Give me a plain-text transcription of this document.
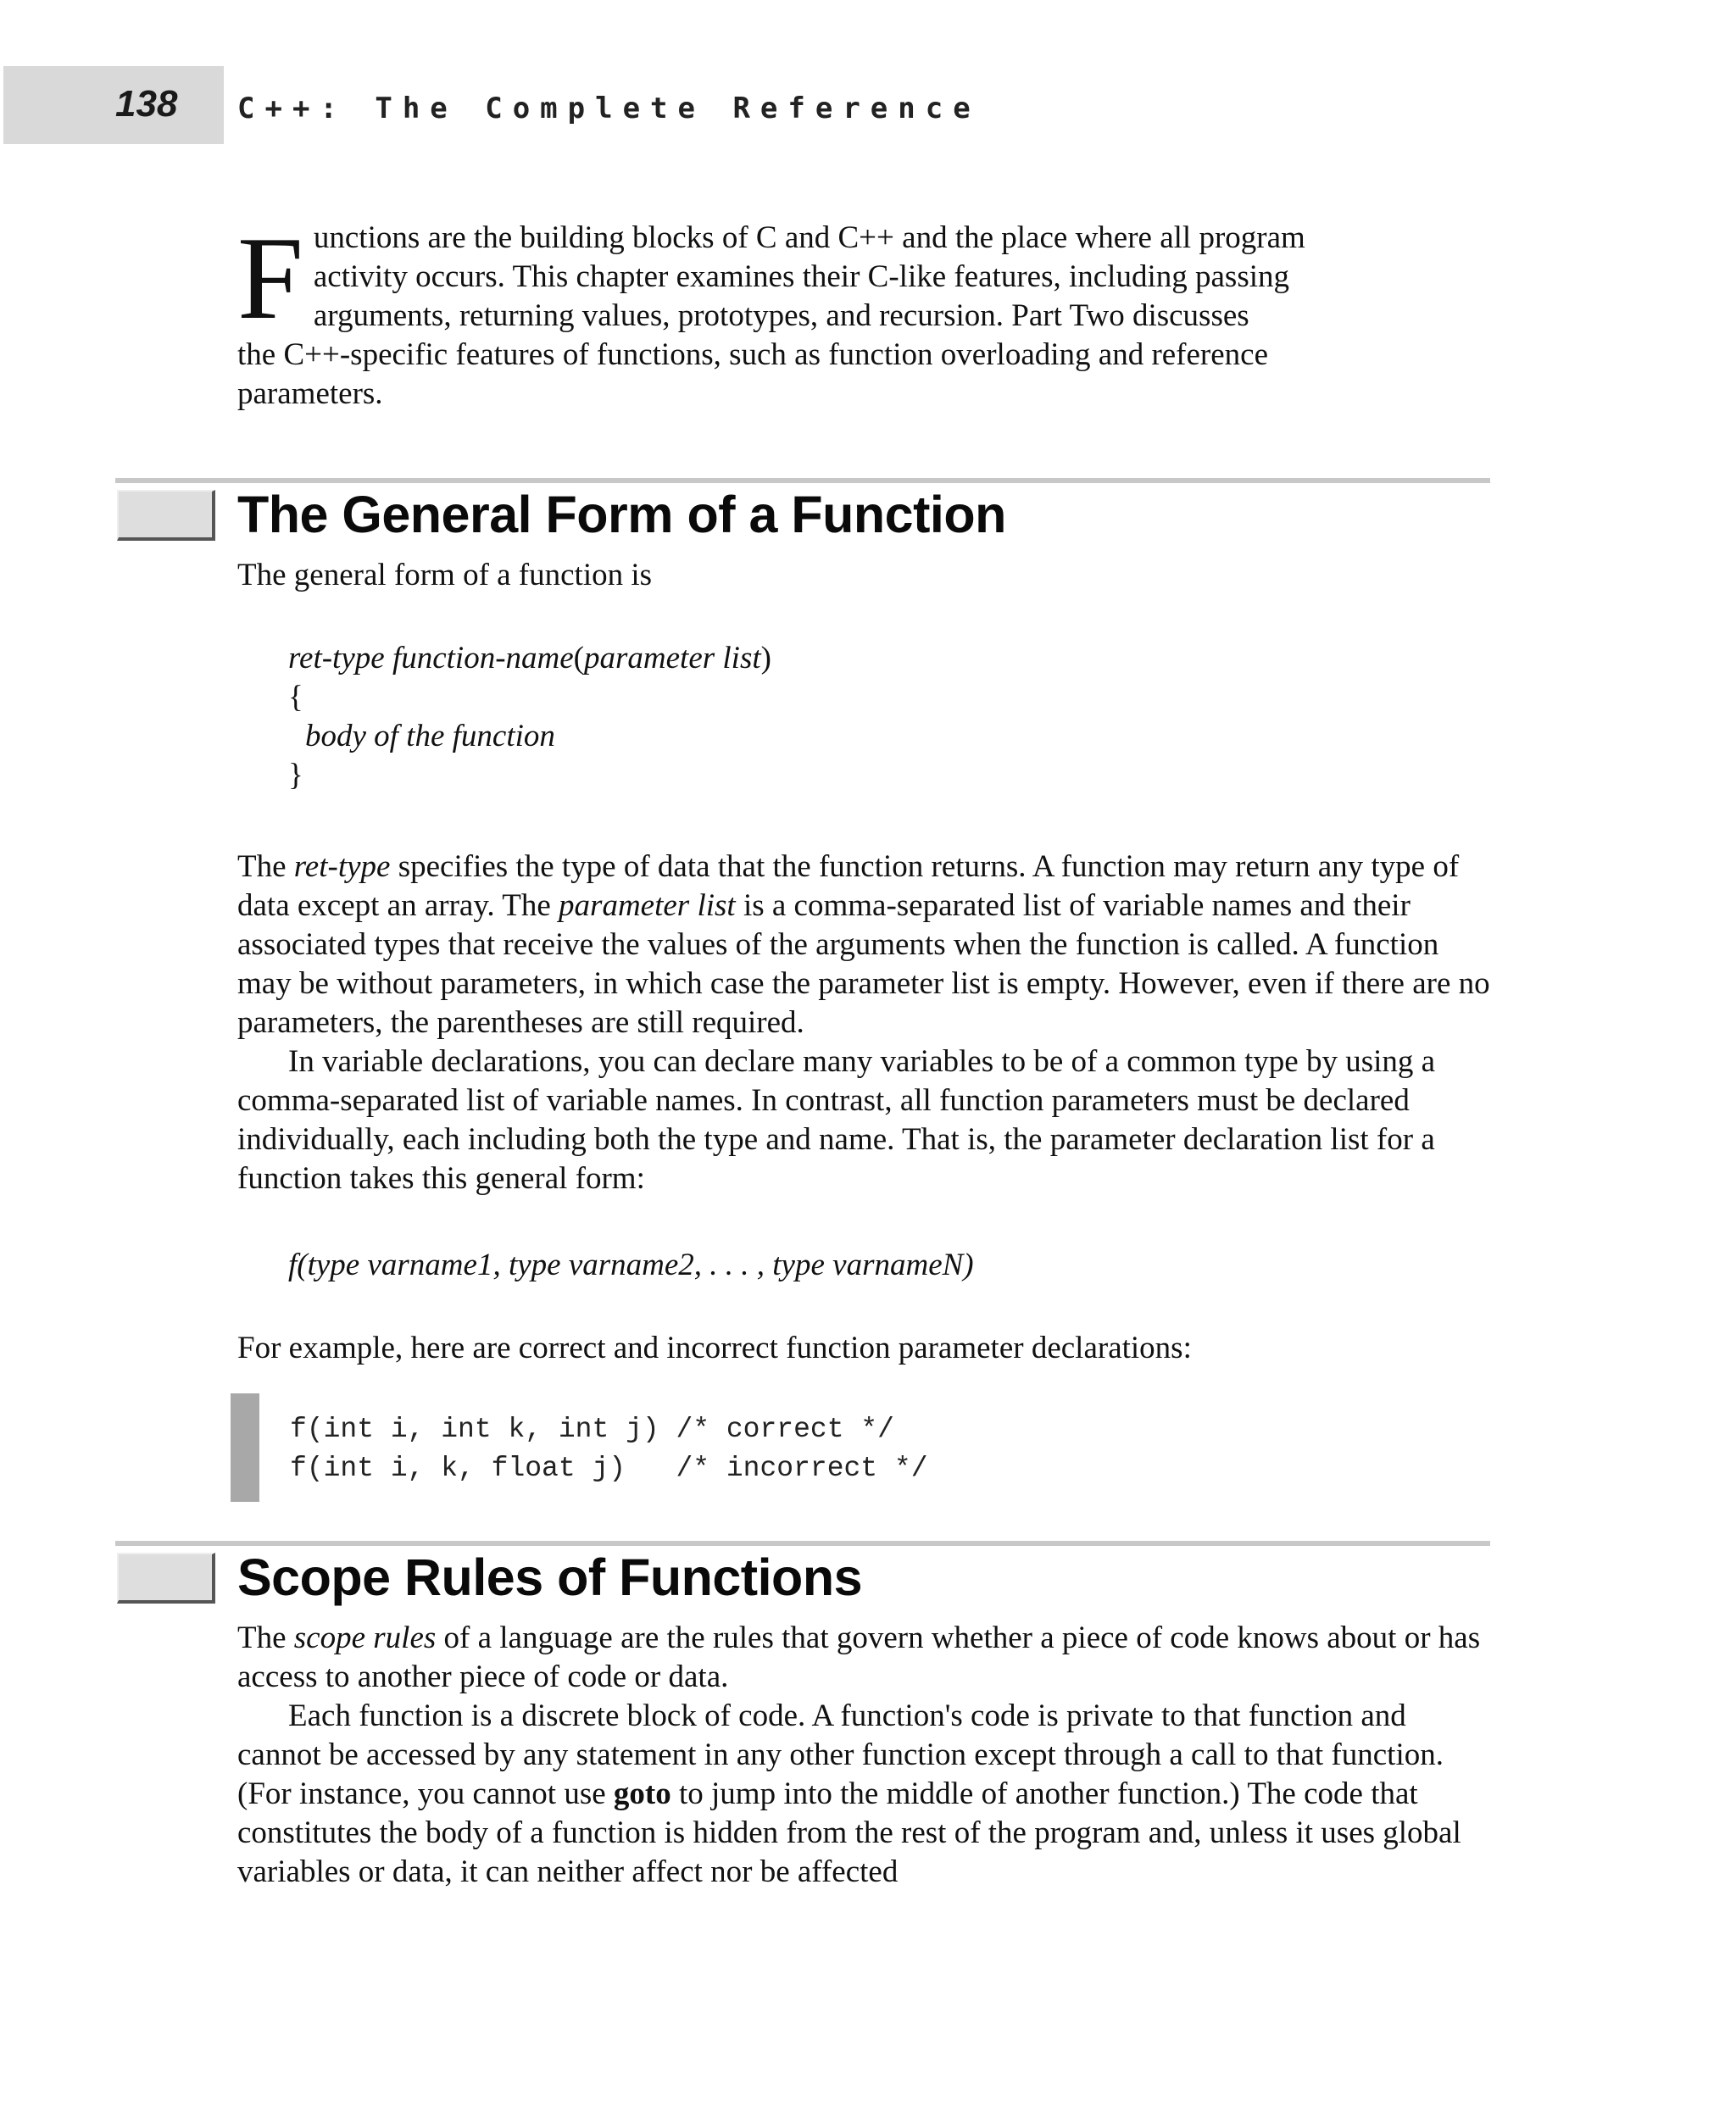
138 C++: The Complete Reference
F unctions are the building blocks of C and C++ and the place where all program
activity occurs. This chapter examines their C-like features, including passing
arguments, returning values, prototypes, and recursion. Part Two discusses
the C++-specific features of functions, such as function overloading and reference
parameters.
The General Form of a Function
The general form of a function is
ret-type function-name(parameter list)
{
body of the function
}

The ret-type specifies the type of data that the function returns. A function may return any type of data except an array. The parameter list is a comma-separated list of variable names and their associated types that receive the values of the arguments when the function is called. A function may be without parameters, in which case the parameter list is empty. However, even if there are no parameters, the parentheses are still required.

In variable declarations, you can declare many variables to be of a common type by using a comma-separated list of variable names. In contrast, all function parameters must be declared individually, each including both the type and name. That is, the parameter declaration list for a function takes this general form:

f(type varname1, type varname2, . . . , type varnameN)

For example, here are correct and incorrect function parameter declarations:

f(int i, int k, int j) /* correct */
f(int i, k, float j)   /* incorrect */
Scope Rules of Functions

The scope rules of a language are the rules that govern whether a piece of code knows about or has access to another piece of code or data.

Each function is a discrete block of code. A function's code is private to that function and cannot be accessed by any statement in any other function except through a call to that function. (For instance, you cannot use goto to jump into the middle of another function.) The code that constitutes the body of a function is hidden from the rest of the program and, unless it uses global variables or data, it can neither affect nor be affected
